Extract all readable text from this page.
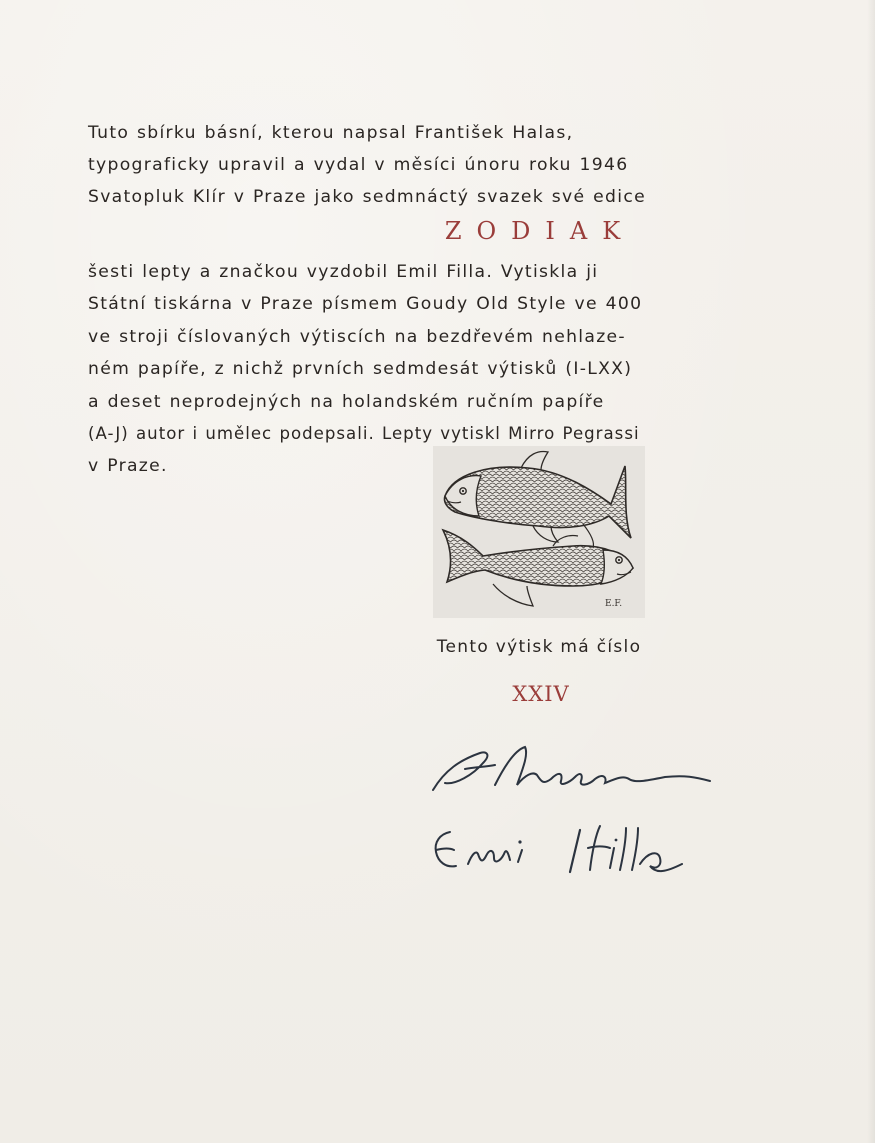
Tuto sbírku básní, kterou napsal František Halas,
typograficky upravil a vydal v měsíci únoru roku 1946
Svatopluk Klír v Praze jako sedmnáctý svazek své edice
ZODIAK
šesti lepty a značkou vyzdobil Emil Filla. Vytiskla ji
Státní tiskárna v Praze písmem Goudy Old Style ve 400
ve stroji číslovaných výtiscích na bezdřevém nehlaze-
ném papíře, z nichž prvních sedmdesát výtisků (I-LXX)
a deset neprodejných na holandském ručním papíře
(A-J) autor i umělec podepsali. Lepty vytiskl Mirro Pegrassi
v Praze.
E.F.
Tento výtisk má číslo
XXIV
